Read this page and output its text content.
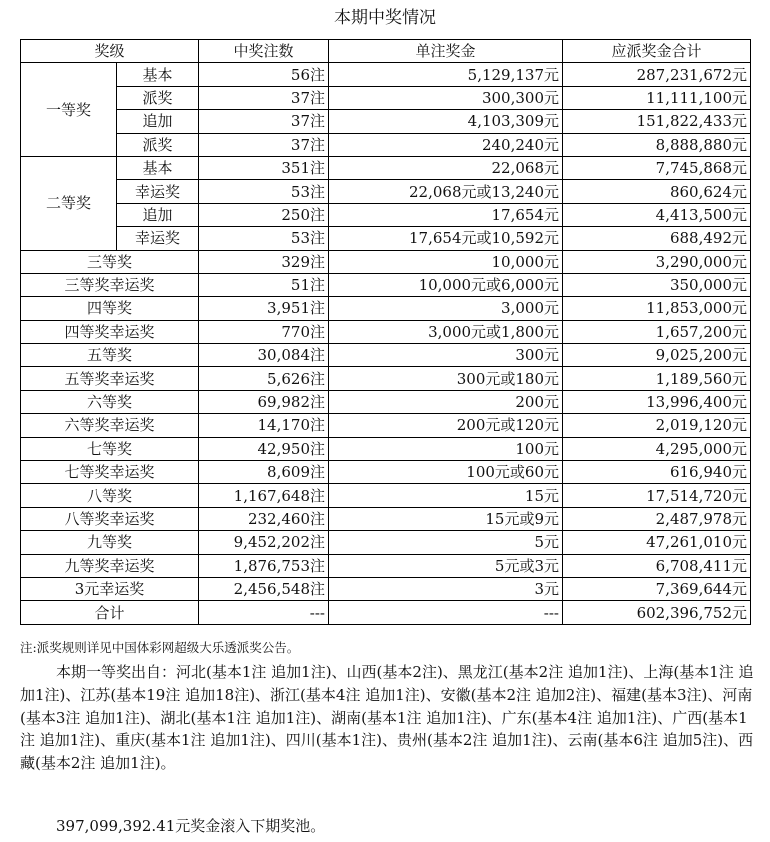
本期中奖情况
奖级		中奖注数	单注奖金	应派奖金合计
一等奖	基本	56注	5,129,137元	287,231,672元
	派奖	37注	300,300元	11,111,100元
	追加	37注	4,103,309元	151,822,433元
	派奖	37注	240,240元	8,888,880元
二等奖	基本	351注	22,068元	7,745,868元
	幸运奖	53注	22,068元或13,240元	860,624元
	追加	250注	17,654元	4,413,500元
	幸运奖	53注	17,654元或10,592元	688,492元
三等奖		329注	10,000元	3,290,000元
三等奖幸运奖		51注	10,000元或6,000元	350,000元
四等奖		3,951注	3,000元	11,853,000元
四等奖幸运奖		770注	3,000元或1,800元	1,657,200元
五等奖		30,084注	300元	9,025,200元
五等奖幸运奖		5,626注	300元或180元	1,189,560元
六等奖		69,982注	200元	13,996,400元
六等奖幸运奖		14,170注	200元或120元	2,019,120元
七等奖		42,950注	100元	4,295,000元
七等奖幸运奖		8,609注	100元或60元	616,940元
八等奖		1,167,648注	15元	17,514,720元
八等奖幸运奖		232,460注	15元或9元	2,487,978元
九等奖		9,452,202注	5元	47,261,010元
九等奖幸运奖		1,876,753注	5元或3元	6,708,411元
3元幸运奖		2,456,548注	3元	7,369,644元
合计		---	---	602,396,752元
注:派奖规则详见中国体彩网超级大乐透派奖公告。
本期一等奖出自：河北(基本1注 追加1注)、山西(基本2注)、黑龙江(基本2注 追加1注)、上海(基本1注 追加1注)、江苏(基本19注 追加18注)、浙江(基本4注 追加1注)、安徽(基本2注 追加2注)、福建(基本3注)、河南(基本3注 追加1注)、湖北(基本1注 追加1注)、湖南(基本1注 追加1注)、广东(基本4注 追加1注)、广西(基本1注 追加1注)、重庆(基本1注 追加1注)、四川(基本1注)、贵州(基本2注 追加1注)、云南(基本6注 追加5注)、西藏(基本2注 追加1注)。
397,099,392.41元奖金滚入下期奖池。
